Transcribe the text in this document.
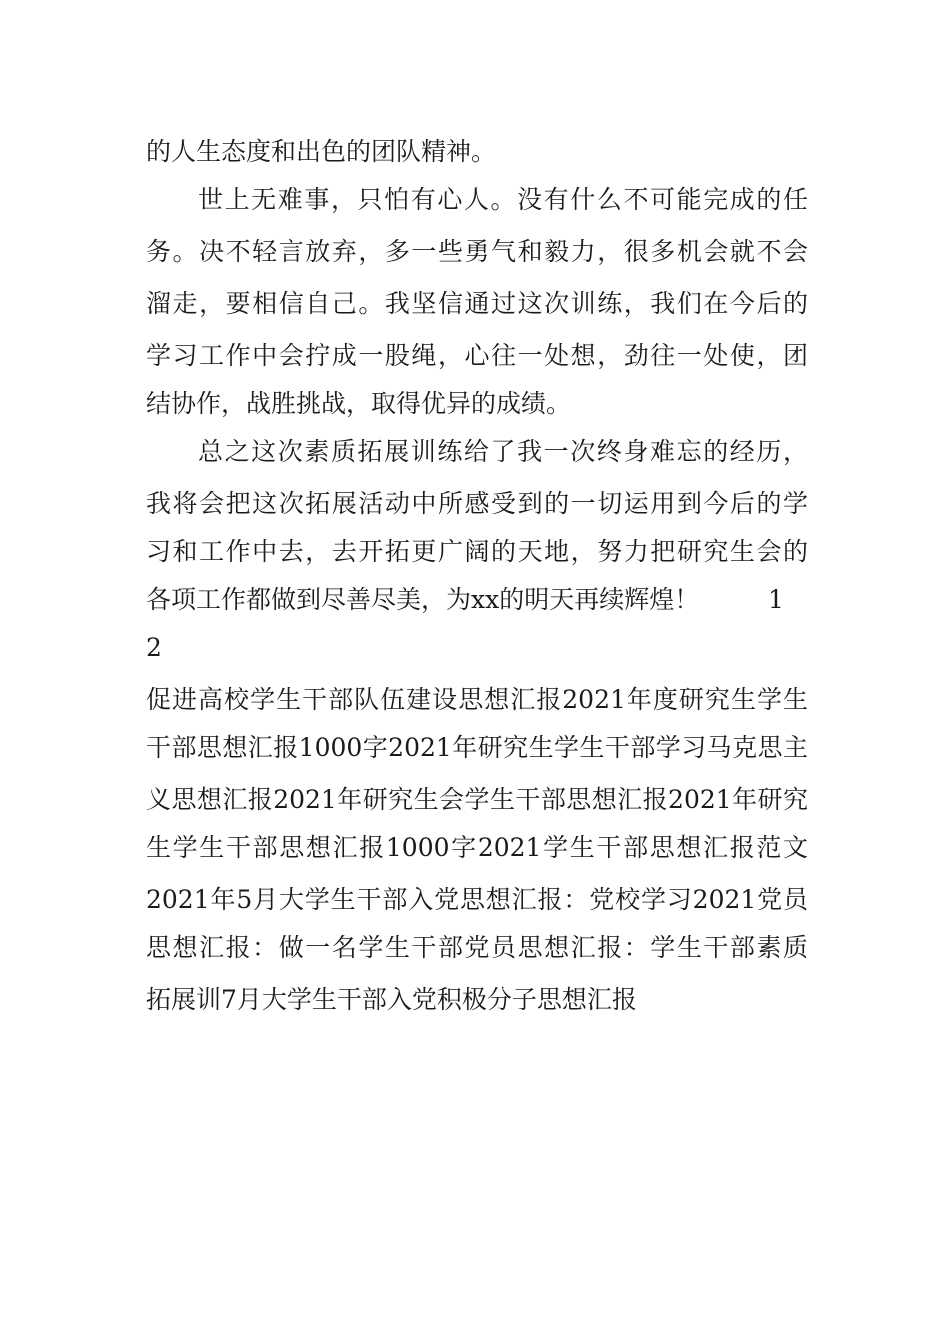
的人生态度和出色的团队精神。
世上无难事，只怕有心人。没有什么不可能完成的任
务。决不轻言放弃，多一些勇气和毅力，很多机会就不会
溜走，要相信自己。我坚信通过这次训练，我们在今后的
学习工作中会拧成一股绳，心往一处想，劲往一处使，团
结协作，战胜挑战，取得优异的成绩。
总之这次素质拓展训练给了我一次终身难忘的经历，
我将会把这次拓展活动中所感受到的一切运用到今后的学
习和工作中去，去开拓更广阔的天地，努力把研究生会的
各项工作都做到尽善尽美，为xx的明天再续辉煌！	1
2
促进高校学生干部队伍建设思想汇报2021年度研究生学生
干部思想汇报1000字2021年研究生学生干部学习马克思主
义思想汇报2021年研究生会学生干部思想汇报2021年研究
生学生干部思想汇报1000字2021学生干部思想汇报范文
2021年5月大学生干部入党思想汇报：党校学习2021党员
思想汇报：做一名学生干部党员思想汇报：学生干部素质
拓展训7月大学生干部入党积极分子思想汇报
